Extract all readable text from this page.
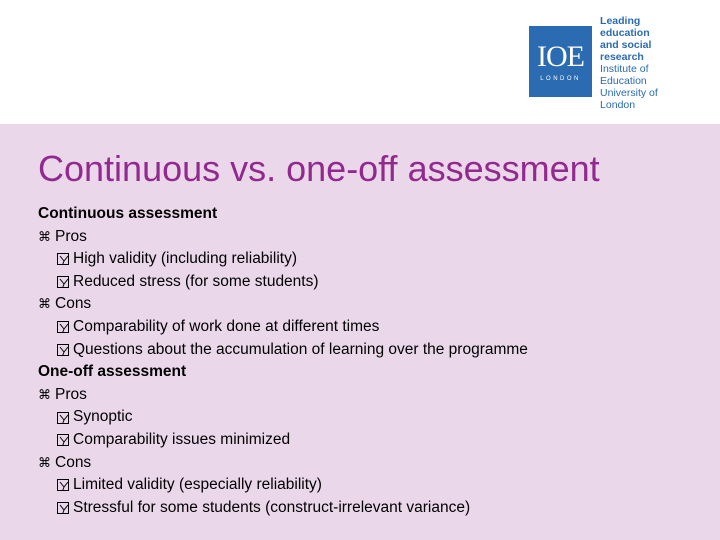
IOE
LONDON
Leading education
and social research
Institute of Education
University of London
Continuous vs. one-off assessment
Continuous assessment
⌘ Pros
High validity (including reliability)
Reduced stress (for some students)
⌘ Cons
Comparability of work done at different times
Questions about the accumulation of learning over the programme
One-off assessment
⌘ Pros
Synoptic
Comparability issues minimized
⌘ Cons
Limited validity (especially reliability)
Stressful for some students (construct-irrelevant variance)
